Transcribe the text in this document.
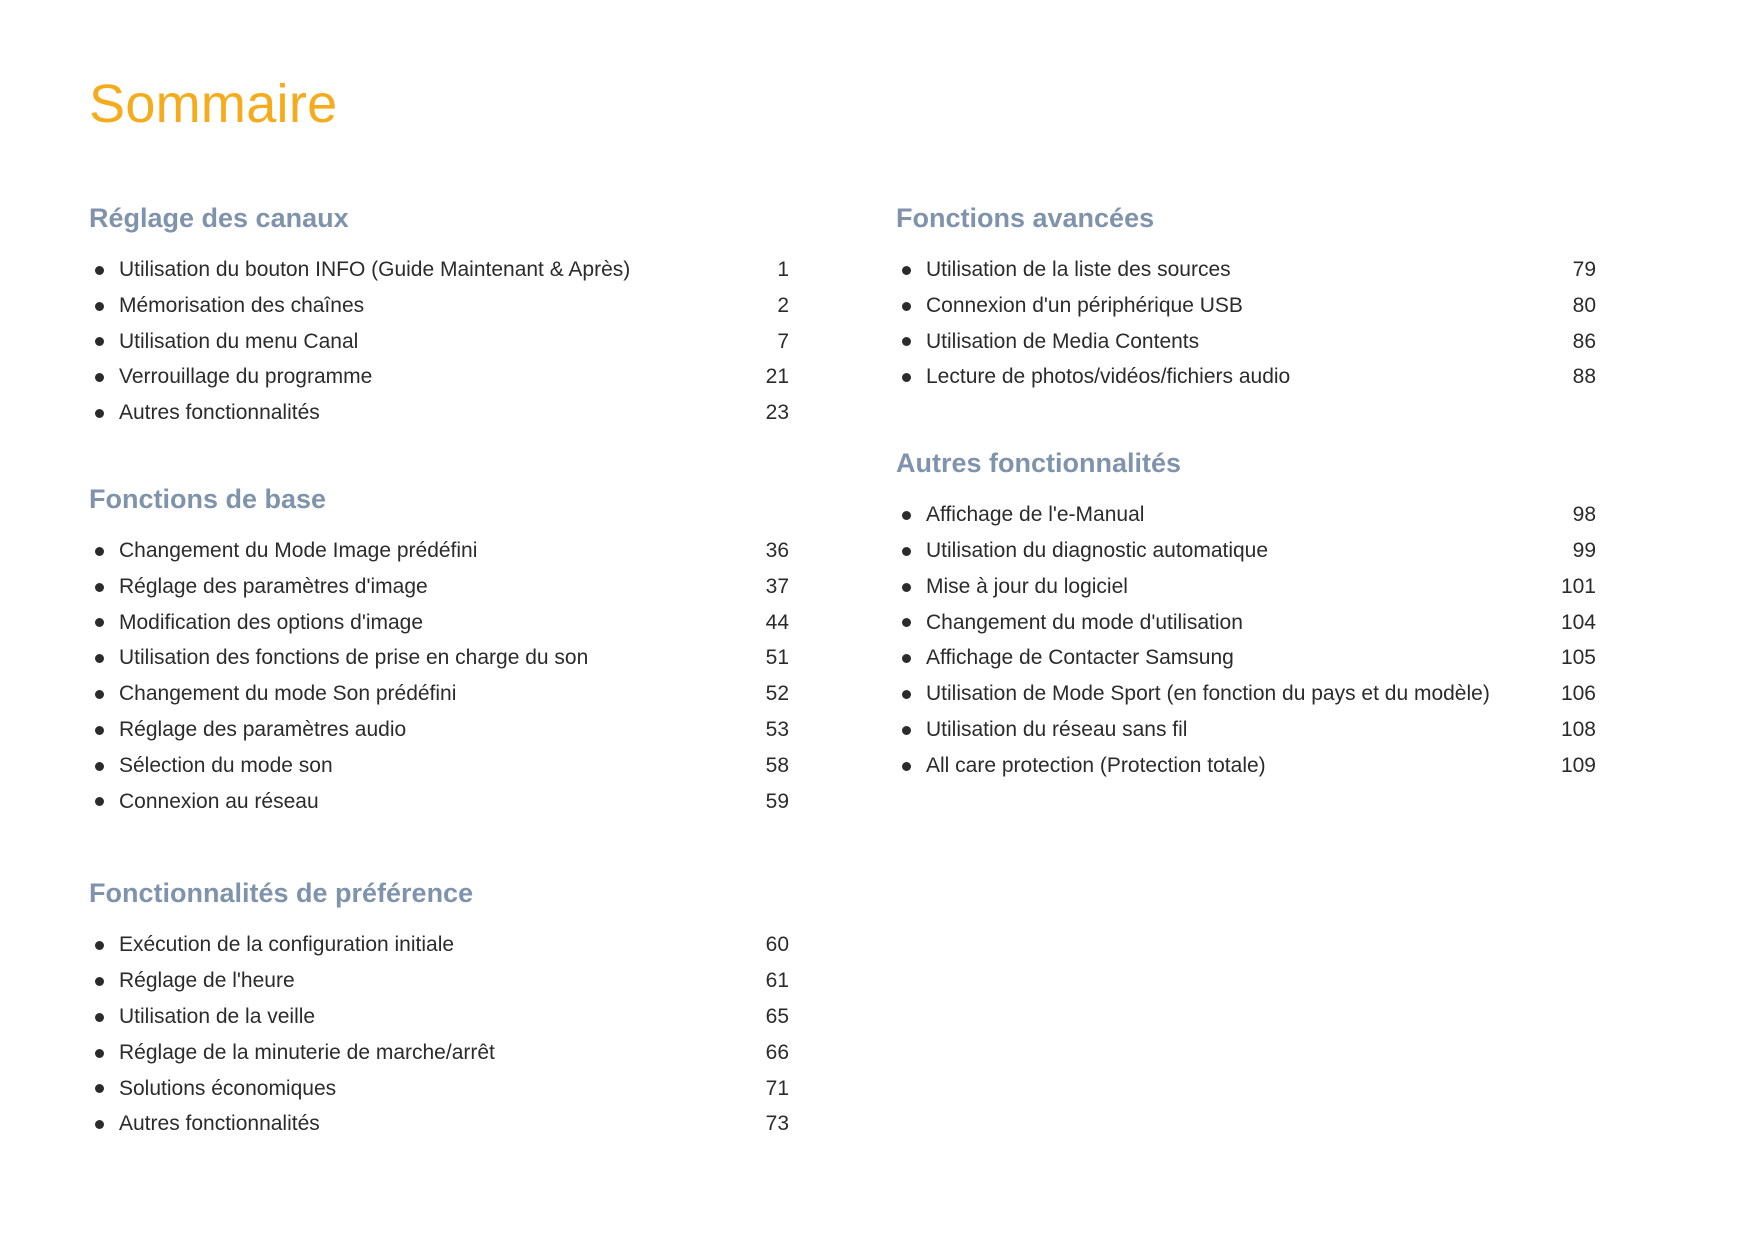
Sommaire
Réglage des canaux
Utilisation du bouton INFO (Guide Maintenant & Après)	1
Mémorisation des chaînes	2
Utilisation du menu Canal	7
Verrouillage du programme	21
Autres fonctionnalités	23
Fonctions de base
Changement du Mode Image prédéfini	36
Réglage des paramètres d'image	37
Modification des options d'image	44
Utilisation des fonctions de prise en charge du son	51
Changement du mode Son prédéfini	52
Réglage des paramètres audio	53
Sélection du mode son	58
Connexion au réseau	59
Fonctionnalités de préférence
Exécution de la configuration initiale	60
Réglage de l'heure	61
Utilisation de la veille	65
Réglage de la minuterie de marche/arrêt	66
Solutions économiques	71
Autres fonctionnalités	73
Fonctions avancées
Utilisation de la liste des sources	79
Connexion d'un périphérique USB	80
Utilisation de Media Contents	86
Lecture de photos/vidéos/fichiers audio	88
Autres fonctionnalités
Affichage de l'e-Manual	98
Utilisation du diagnostic automatique	99
Mise à jour du logiciel	101
Changement du mode d'utilisation	104
Affichage de Contacter Samsung	105
Utilisation de Mode Sport (en fonction du pays et du modèle)	106
Utilisation du réseau sans fil	108
All care protection (Protection totale)	109
